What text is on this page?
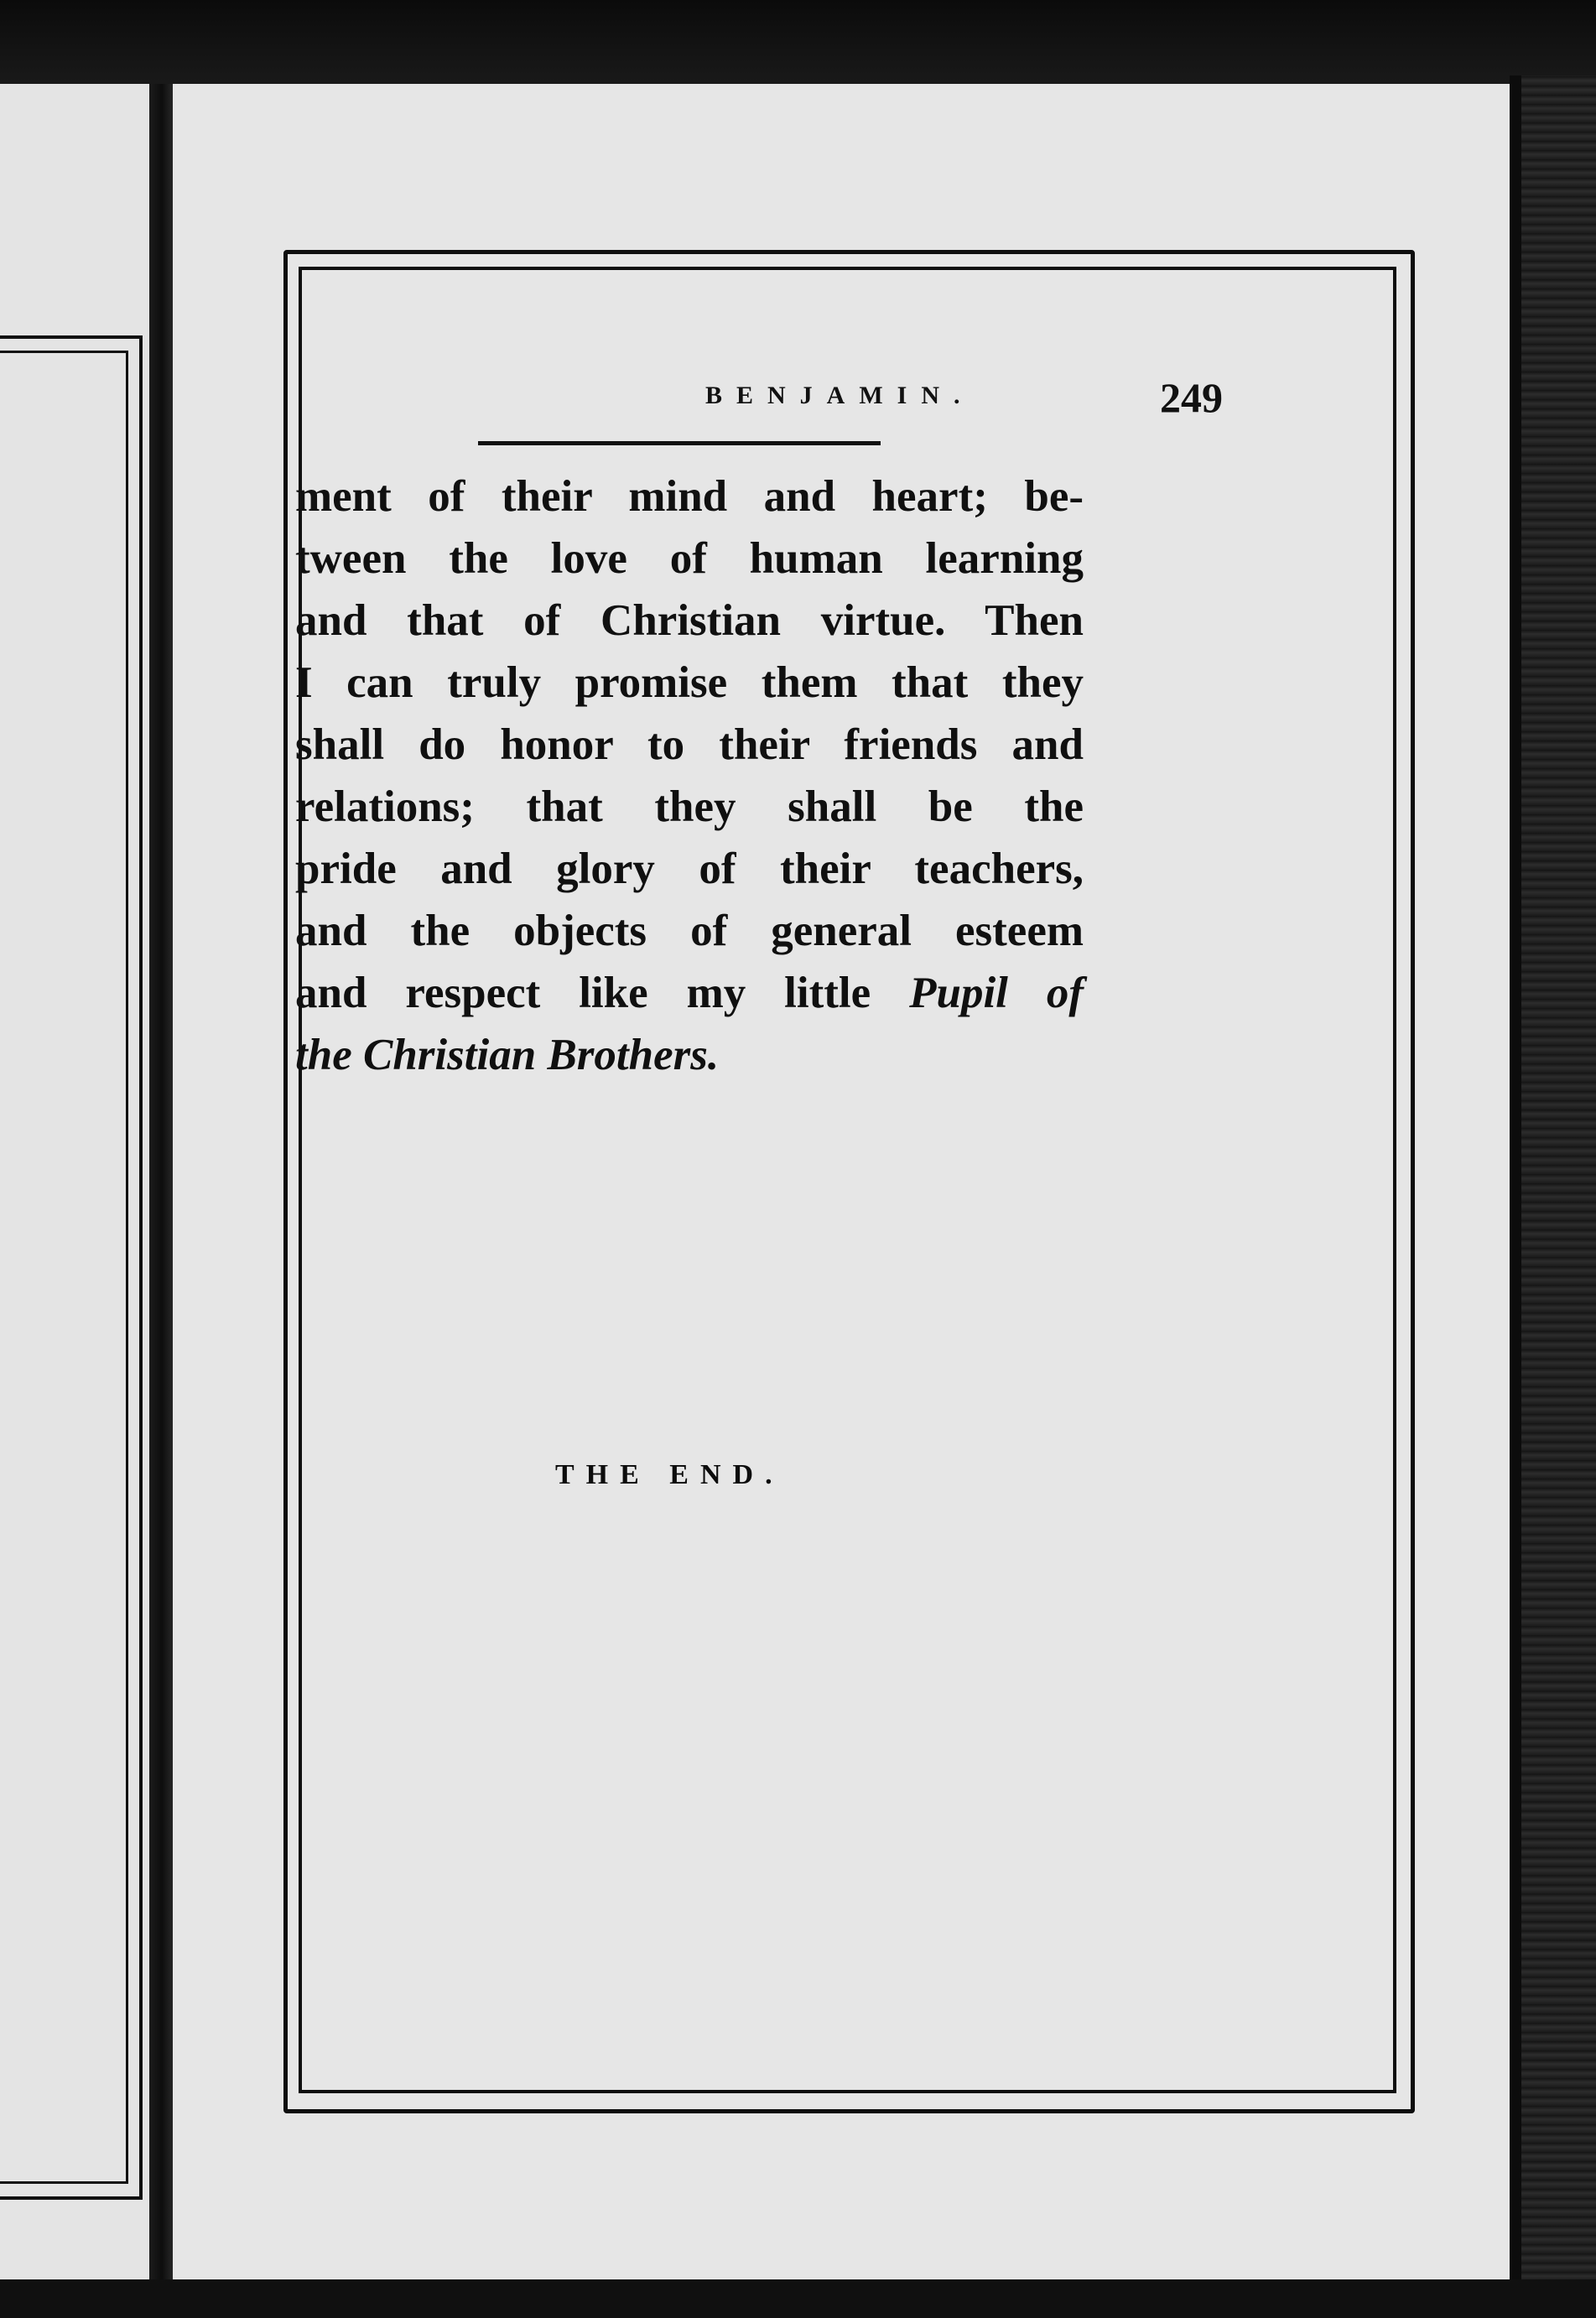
BENJAMIN.	249
ment of their mind and heart; be-
tween the love of human learning
and that of Christian virtue. Then
I can truly promise them that they
shall do honor to their friends and
relations; that they shall be the
pride and glory of their teachers,
and the objects of general esteem
and respect like my little Pupil of
the Christian Brothers.
THE END.
